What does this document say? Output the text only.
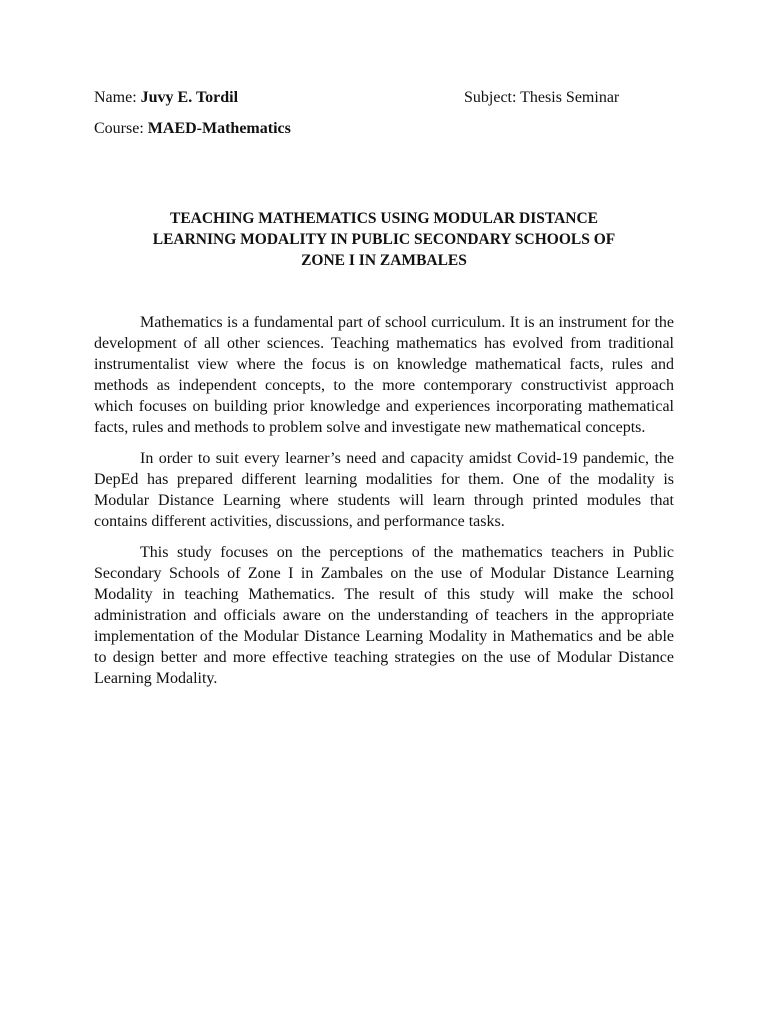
Name: Juvy E. Tordil	Subject: Thesis Seminar
Course: MAED-Mathematics
TEACHING MATHEMATICS USING MODULAR DISTANCE
LEARNING MODALITY IN PUBLIC SECONDARY SCHOOLS OF
ZONE I IN ZAMBALES

Mathematics is a fundamental part of school curriculum. It is an instrument for the development of all other sciences. Teaching mathematics has evolved from traditional instrumentalist view where the focus is on knowledge mathematical facts, rules and methods as independent concepts, to the more contemporary constructivist approach which focuses on building prior knowledge and experiences incorporating mathematical facts, rules and methods to problem solve and investigate new mathematical concepts.

In order to suit every learner’s need and capacity amidst Covid-19 pandemic, the DepEd has prepared different learning modalities for them. One of the modality is Modular Distance Learning where students will learn through printed modules that contains different activities, discussions, and performance tasks.

This study focuses on the perceptions of the mathematics teachers in Public Secondary Schools of Zone I in Zambales on the use of Modular Distance Learning Modality in teaching Mathematics. The result of this study will make the school administration and officials aware on the understanding of teachers in the appropriate implementation of the Modular Distance Learning Modality in Mathematics and be able to design better and more effective teaching strategies on the use of Modular Distance Learning Modality.
